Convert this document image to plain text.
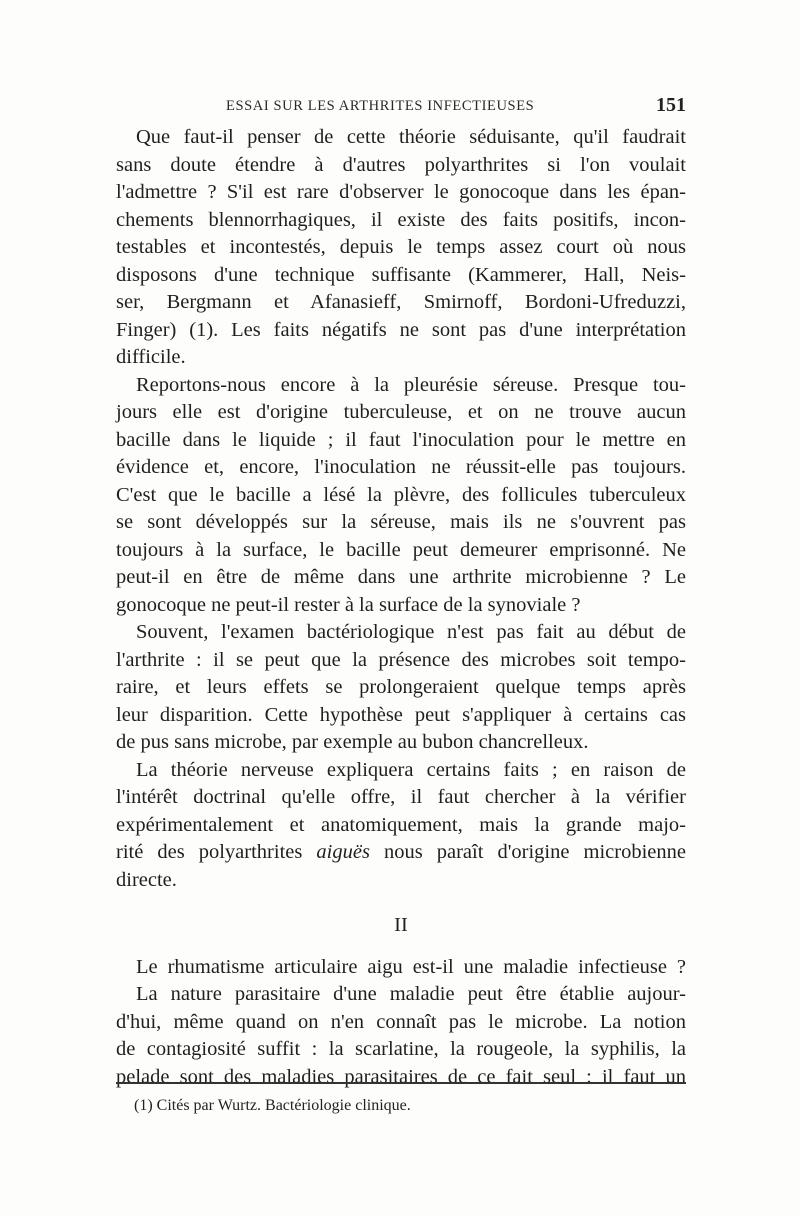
ESSAI SUR LES ARTHRITES INFECTIEUSES	151
Que faut-il penser de cette théorie séduisante, qu'il faudrait
sans doute étendre à d'autres polyarthrites si l'on voulait
l'admettre ? S'il est rare d'observer le gonocoque dans les épan-
chements blennorrhagiques, il existe des faits positifs, incon-
testables et incontestés, depuis le temps assez court où nous
disposons d'une technique suffisante (Kammerer, Hall, Neis-
ser, Bergmann et Afanasieff, Smirnoff, Bordoni-Ufreduzzi,
Finger) (1). Les faits négatifs ne sont pas d'une interprétation
difficile.
Reportons-nous encore à la pleurésie séreuse. Presque tou-
jours elle est d'origine tuberculeuse, et on ne trouve aucun
bacille dans le liquide ; il faut l'inoculation pour le mettre en
évidence et, encore, l'inoculation ne réussit-elle pas toujours.
C'est que le bacille a lésé la plèvre, des follicules tuberculeux
se sont développés sur la séreuse, mais ils ne s'ouvrent pas
toujours à la surface, le bacille peut demeurer emprisonné. Ne
peut-il en être de même dans une arthrite microbienne ? Le
gonocoque ne peut-il rester à la surface de la synoviale ?
Souvent, l'examen bactériologique n'est pas fait au début de
l'arthrite : il se peut que la présence des microbes soit tempo-
raire, et leurs effets se prolongeraient quelque temps après
leur disparition. Cette hypothèse peut s'appliquer à certains cas
de pus sans microbe, par exemple au bubon chancrelleux.
La théorie nerveuse expliquera certains faits ; en raison de
l'intérêt doctrinal qu'elle offre, il faut chercher à la vérifier
expérimentalement et anatomiquement, mais la grande majo-
rité des polyarthrites aiguës nous paraît d'origine microbienne
directe.
II
Le rhumatisme articulaire aigu est-il une maladie infectieuse ?
La nature parasitaire d'une maladie peut être établie aujour-
d'hui, même quand on n'en connaît pas le microbe. La notion
de contagiosité suffit : la scarlatine, la rougeole, la syphilis, la
pelade sont des maladies parasitaires de ce fait seul : il faut un
(1) Cités par Wurtz. Bactériologie clinique.
